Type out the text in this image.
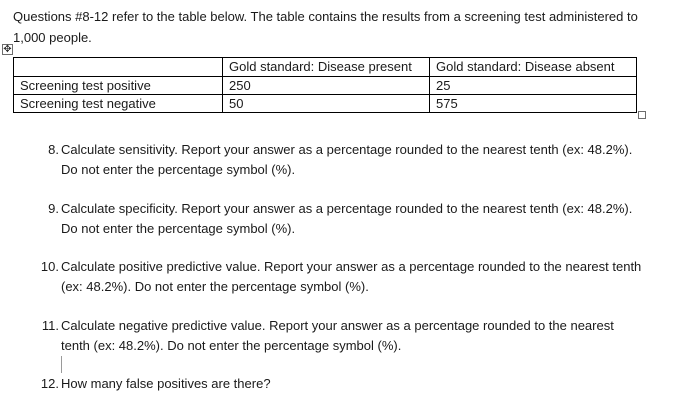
Questions #8-12 refer to the table below. The table contains the results from a screening test administered to 1,000 people.

✥
	Gold standard: Disease present	Gold standard: Disease absent
Screening test positive	250	25
Screening test negative	50	575
8. Calculate sensitivity. Report your answer as a percentage rounded to the nearest tenth (ex: 48.2%). Do not enter the percentage symbol (%).
9. Calculate specificity. Report your answer as a percentage rounded to the nearest tenth (ex: 48.2%). Do not enter the percentage symbol (%).
10. Calculate positive predictive value. Report your answer as a percentage rounded to the nearest tenth (ex: 48.2%). Do not enter the percentage symbol (%).
11. Calculate negative predictive value. Report your answer as a percentage rounded to the nearest tenth (ex: 48.2%). Do not enter the percentage symbol (%).
12. How many false positives are there?
